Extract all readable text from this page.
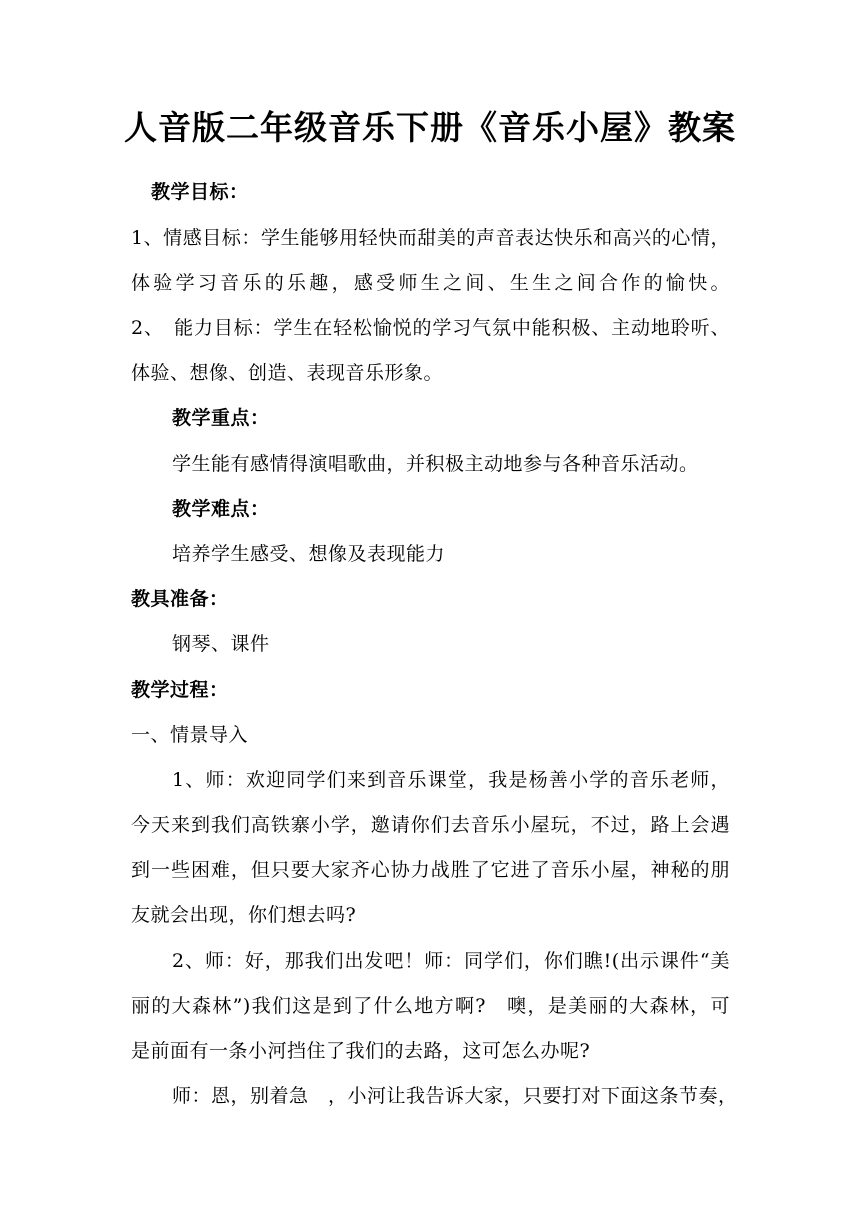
人音版二年级音乐下册《音乐小屋》教案
教学目标：
1、情感目标：学生能够用轻快而甜美的声音表达快乐和高兴的心情，
体验学习音乐的乐趣，感受师生之间、生生之间合作的愉快。
2、　能力目标：学生在轻松愉悦的学习气氛中能积极、主动地聆听、
体验、想像、创造、表现音乐形象。
教学重点：
学生能有感情得演唱歌曲，并积极主动地参与各种音乐活动。
教学难点：
培养学生感受、想像及表现能力
教具准备：
钢琴、课件
教学过程：
一、情景导入
1、师：欢迎同学们来到音乐课堂，我是杨善小学的音乐老师，
今天来到我们高铁寨小学，邀请你们去音乐小屋玩，不过，路上会遇
到一些困难，但只要大家齐心协力战胜了它进了音乐小屋，神秘的朋
友就会出现，你们想去吗?
2、师：好，那我们出发吧！师：同学们，你们瞧!(出示课件“美
丽的大森林”)我们这是到了什么地方啊?　噢，是美丽的大森林，可
是前面有一条小河挡住了我们的去路，这可怎么办呢?
师：恩，别着急　，小河让我告诉大家，只要打对下面这条节奏，
